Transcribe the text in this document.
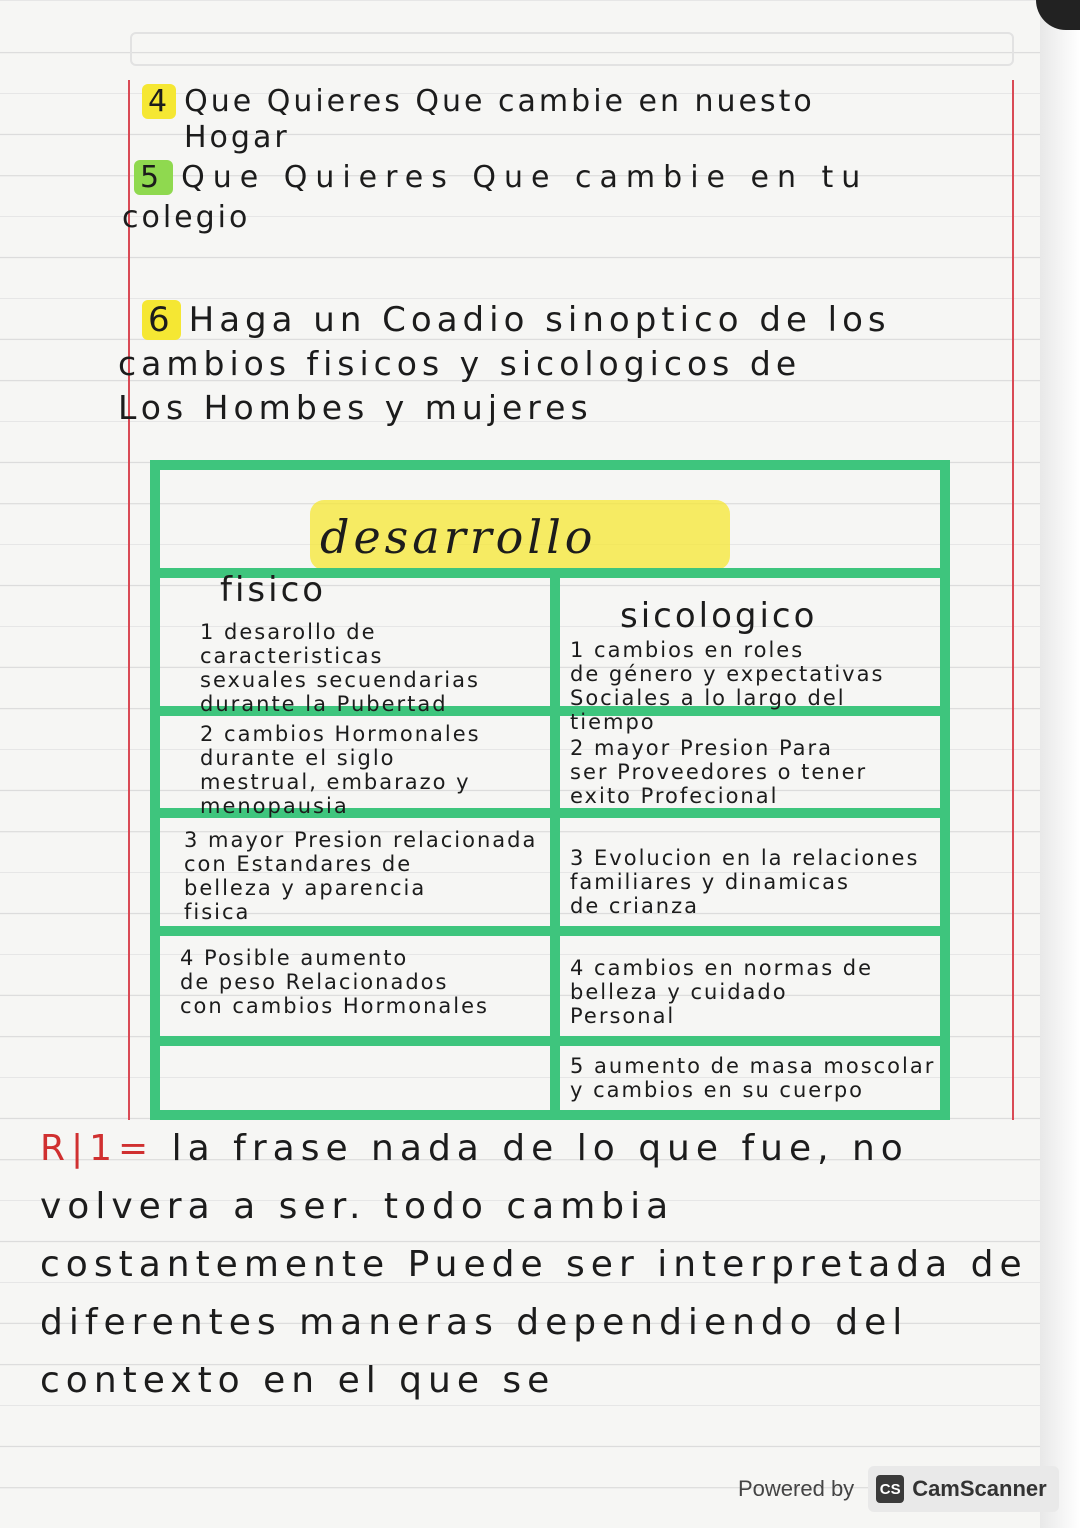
4 Que Quieres Que cambie en nuesto
Hogar
5 Que Quieres Que cambie en tu
colegio
6 Haga un Coadio sinoptico de los
cambios fisicos y sicologicos de
Los Hombes y mujeres
desarrollo
fisico
sicologico
1 desarollo de caracteristicas
sexuales secuendarias
durante la Pubertad
1 cambios en roles
de género y expectativas
Sociales a lo largo del
tiempo
2 cambios Hormonales
durante el siglo
mestrual, embarazo y
menopausia
2 mayor Presion Para
ser Proveedores o tener
exito Profecional
3 mayor Presion relacionada
con Estandares de
belleza y aparencia
fisica
3 Evolucion en la relaciones
familiares y dinamicas
de crianza
4 Posible aumento
de peso Relacionados
con cambios Hormonales
4 cambios en normas de
belleza y cuidado
Personal
5 aumento de masa moscolar
y cambios en su cuerpo
R|1= la frase nada de lo que fue, no volvera a ser. todo cambia costantemente Puede ser interpretada de diferentes maneras dependiendo del contexto en el que se
Powered by CS CamScanner
